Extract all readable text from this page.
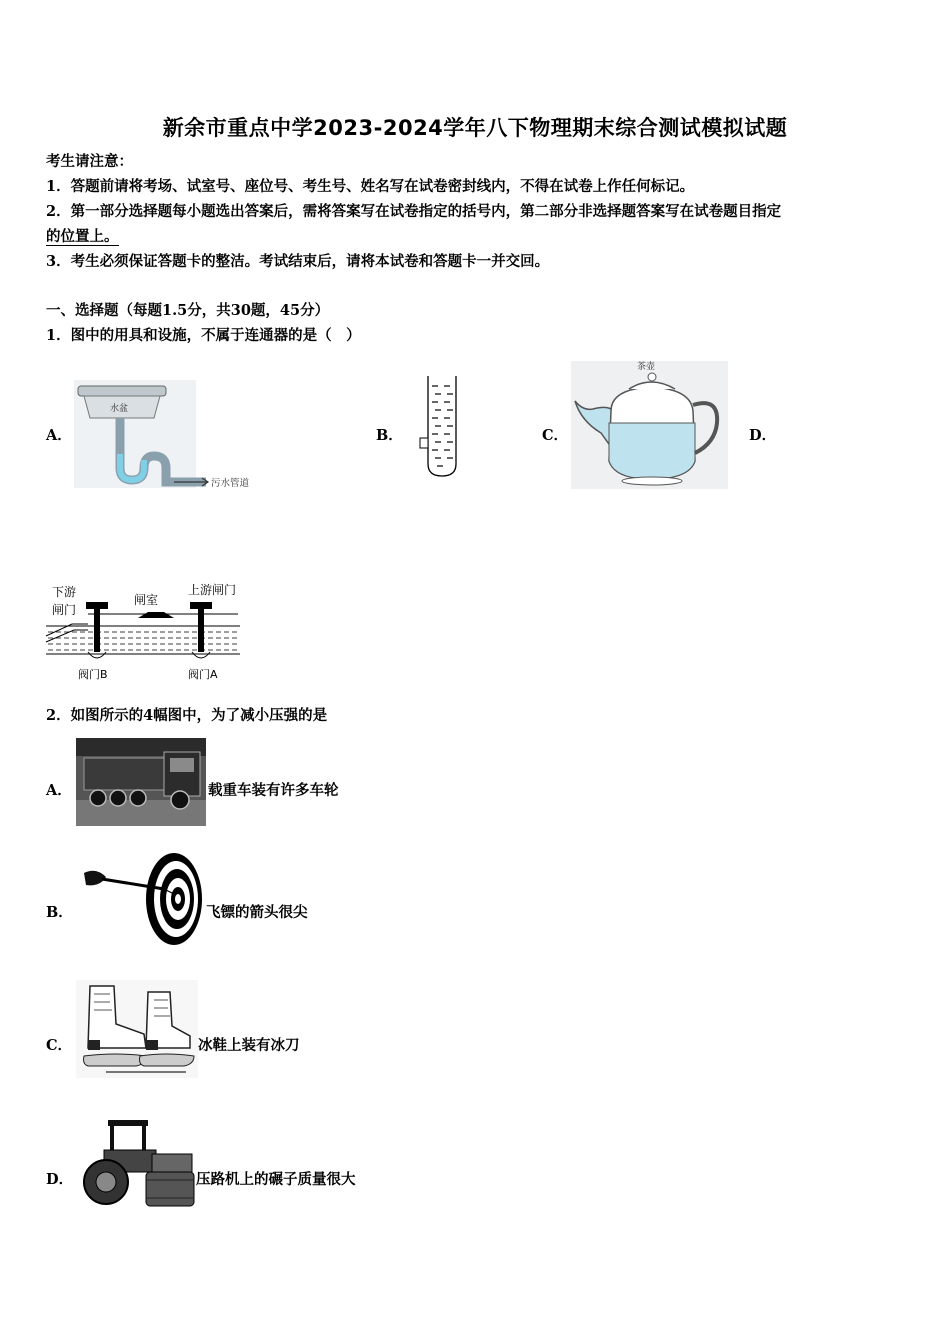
新余市重点中学2023-2024学年八下物理期末综合测试模拟试题
考生请注意：
1．答题前请将考场、试室号、座位号、考生号、姓名写在试卷密封线内，不得在试卷上作任何标记。
2．第一部分选择题每小题选出答案后，需将答案写在试卷指定的括号内，第二部分非选择题答案写在试卷题目指定
的位置上。
3．考生必须保证答题卡的整洁。考试结束后，请将本试卷和答题卡一并交回。
一、选择题（每题1.5分，共30题，45分）
1．图中的用具和设施，不属于连通器的是（　）
A．
水盆
污水管道
B．	C．
茶壶
D．
下游
闸门
闸室
上游闸门
阀门B	阀门A
2．如图所示的4幅图中，为了减小压强的是
A．	载重车装有许多车轮
B．	飞镖的箭头很尖
C．	冰鞋上装有冰刀
D．	压路机上的碾子质量很大
